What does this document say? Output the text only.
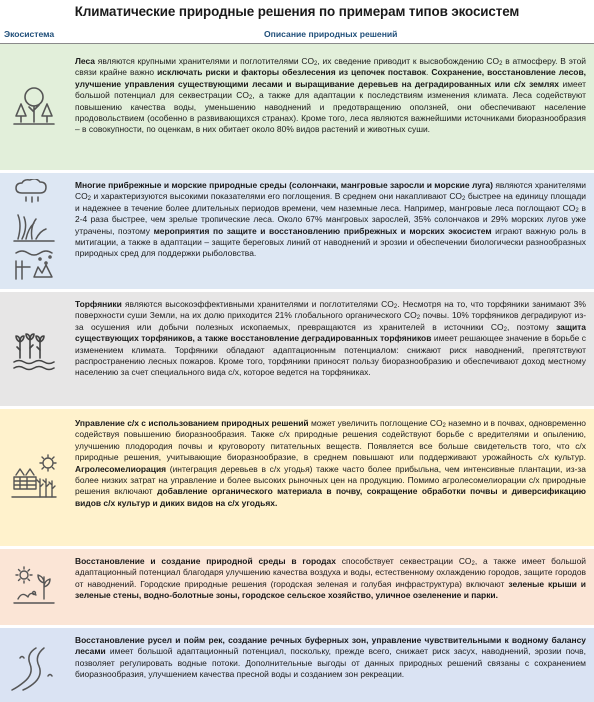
Климатические природные решения по примерам типов экосистем
Экосистема	Описание природных решений

Леса являются крупными хранителями и поглотителями $CO_2$, их сведение приводит к высвобождению $CO_2$ в атмосферу. В этой связи крайне важно исключать риски и факторы обезлесения из цепочек поставок. Сохранение, восстановление лесов, улучшение управления существующими лесами и выращивание деревьев на деградированных или с/х землях имеет большой потенциал для секвестрации $CO_2$, а также для адаптации к последствиям изменения климата. Леса содействуют повышению качества воды, уменьшению наводнений и предотвращению оползней, они обеспечивают население продовольствием (особенно в развивающихся странах). Кроме того, леса являются важнейшими источниками биоразнообразия – в совокупности, по оценкам, в них обитает около 80% видов растений и животных суши.

Многие прибрежные и морские природные среды (солончаки, мангровые заросли и морские луга) являются хранителями $CO_2$ и характеризуются высокими показателями его поглощения. В среднем они накапливают $CO_2$ быстрее на единицу площади и надежнее в течение более длительных периодов времени, чем наземные леса. Например, мангровые леса поглощают $CO_2$ в 2-4 раза быстрее, чем зрелые тропические леса. Около 67% мангровых зарослей, 35% солончаков и 29% морских лугов уже утрачены, поэтому мероприятия по защите и восстановлению прибрежных и морских экосистем играют важную роль в митигации, а также в адаптации – защите береговых линий от наводнений и эрозии и обеспечении биологически разнообразных природных сред для поддержки рыболовства.

Торфяники являются высокоэффективными хранителями и поглотителями $CO_2$. Несмотря на то, что торфяники занимают 3% поверхности суши Земли, на их долю приходится 21% глобального органического $CO_2$ почвы. 10% торфяников деградируют из-за осушения или добычи полезных ископаемых, превращаются из хранителей в источники $CO_2$, поэтому защита существующих торфяников, а также восстановление деградированных торфяников имеет решающее значение в борьбе с изменением климата. Торфяники обладают адаптационным потенциалом: снижают риск наводнений, препятствуют распространению лесных пожаров. Кроме того, торфяники приносят пользу биоразнообразию и обеспечивают доход местному населению за счет специального вида с/х, которое ведется на торфяниках.

Управление с/х с использованием природных решений может увеличить поглощение $CO_2$ наземно и в почвах, одновременно содействуя повышению биоразнообразия. Также с/х природные решения содействуют борьбе с вредителями и опылению, улучшению плодородия почвы и круговороту питательных веществ. Появляется все больше свидетельств того, что с/х природные решения, учитывающие биоразнообразие, в среднем повышают или поддерживают урожайность с/х культур. Агролесомелиорация (интеграция деревьев в с/х угодья) также часто более прибыльна, чем интенсивные плантации, из-за более низких затрат на управление и более высоких рыночных цен на продукцию. Помимо агролесомелиорации с/х природные решения включают добавление органического материала в почву, сокращение обработки почвы и диверсификацию видов с/х культур и диких видов на с/х угодьях.

Восстановление и создание природной среды в городах способствует секвестрации $CO_2$, а также имеет большой адаптационный потенциал благодаря улучшению качества воздуха и воды, естественному охлаждению городов, защите городов от наводнений. Городские природные решения (городская зеленая и голубая инфраструктура) включают зеленые крыши и зеленые стены, водно-болотные зоны, городское сельское хозяйство, уличное озеленение и парки.

Восстановление русел и пойм рек, создание речных буферных зон, управление чувствительными к водному балансу лесами имеет большой адаптационный потенциал, поскольку, прежде всего, снижает риск засух, наводнений, эрозии почв, позволяет регулировать водные потоки. Дополнительные выгоды от данных природных решений связаны с сохранением биоразнообразия, улучшением качества пресной воды и созданием зон рекреации.
